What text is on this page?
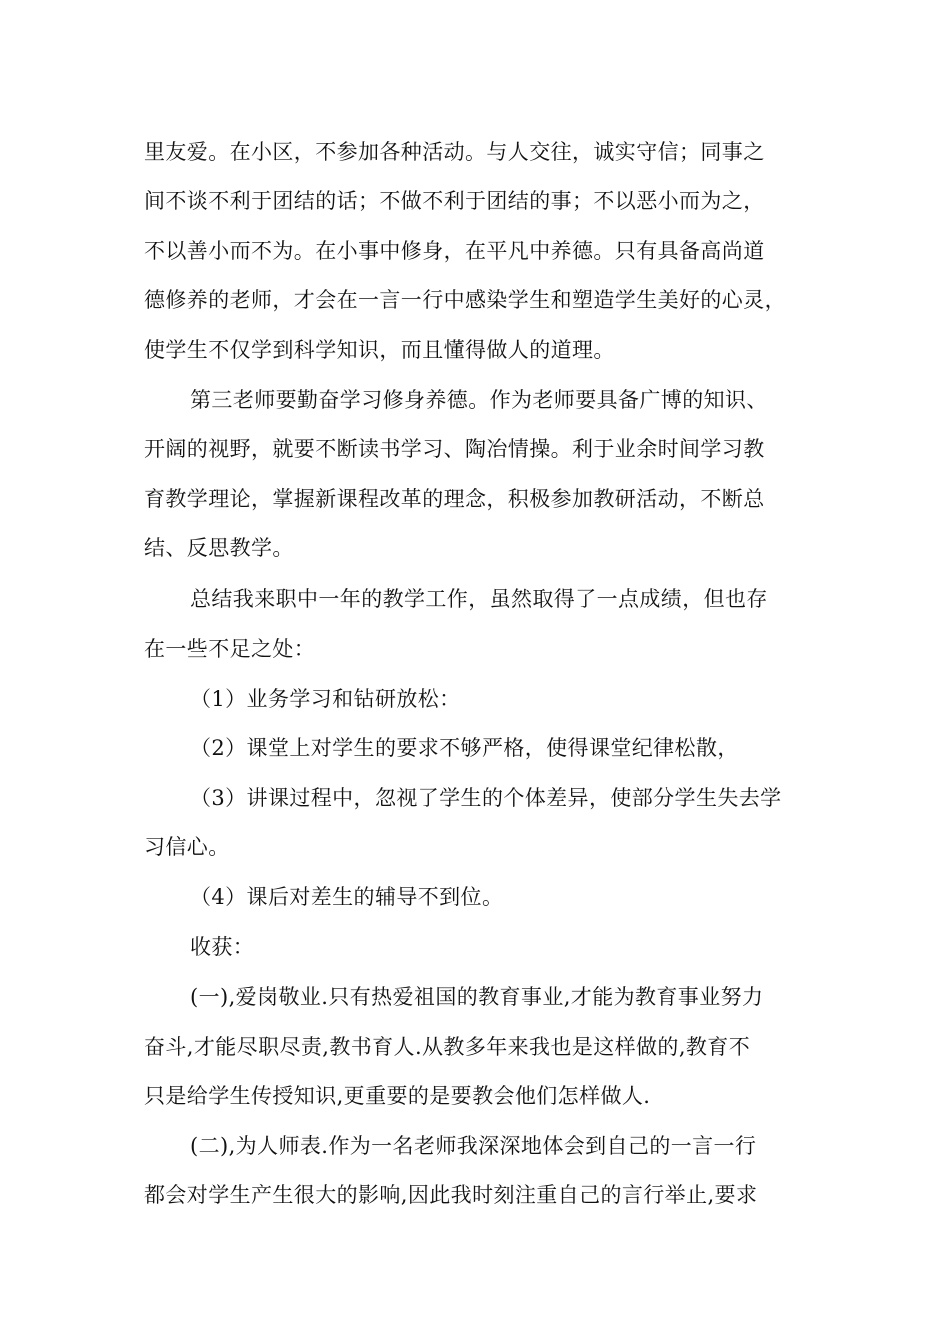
里友爱。在小区，不参加各种活动。与人交往，诚实守信；同事之
间不谈不利于团结的话；不做不利于团结的事；不以恶小而为之，
不以善小而不为。在小事中修身，在平凡中养德。只有具备高尚道
德修养的老师，才会在一言一行中感染学生和塑造学生美好的心灵，
使学生不仅学到科学知识，而且懂得做人的道理。
第三老师要勤奋学习修身养德。作为老师要具备广博的知识、
开阔的视野，就要不断读书学习、陶冶情操。利于业余时间学习教
育教学理论，掌握新课程改革的理念，积极参加教研活动，不断总
结、反思教学。
总结我来职中一年的教学工作，虽然取得了一点成绩，但也存
在一些不足之处：
（1）业务学习和钻研放松：
（2）课堂上对学生的要求不够严格，使得课堂纪律松散，
（3）讲课过程中，忽视了学生的个体差异，使部分学生失去学
习信心。
（4）课后对差生的辅导不到位。
收获：
(一),爱岗敬业.只有热爱祖国的教育事业,才能为教育事业努力
奋斗,才能尽职尽责,教书育人.从教多年来我也是这样做的,教育不
只是给学生传授知识,更重要的是要教会他们怎样做人.
(二),为人师表.作为一名老师我深深地体会到自己的一言一行
都会对学生产生很大的影响,因此我时刻注重自己的言行举止,要求
